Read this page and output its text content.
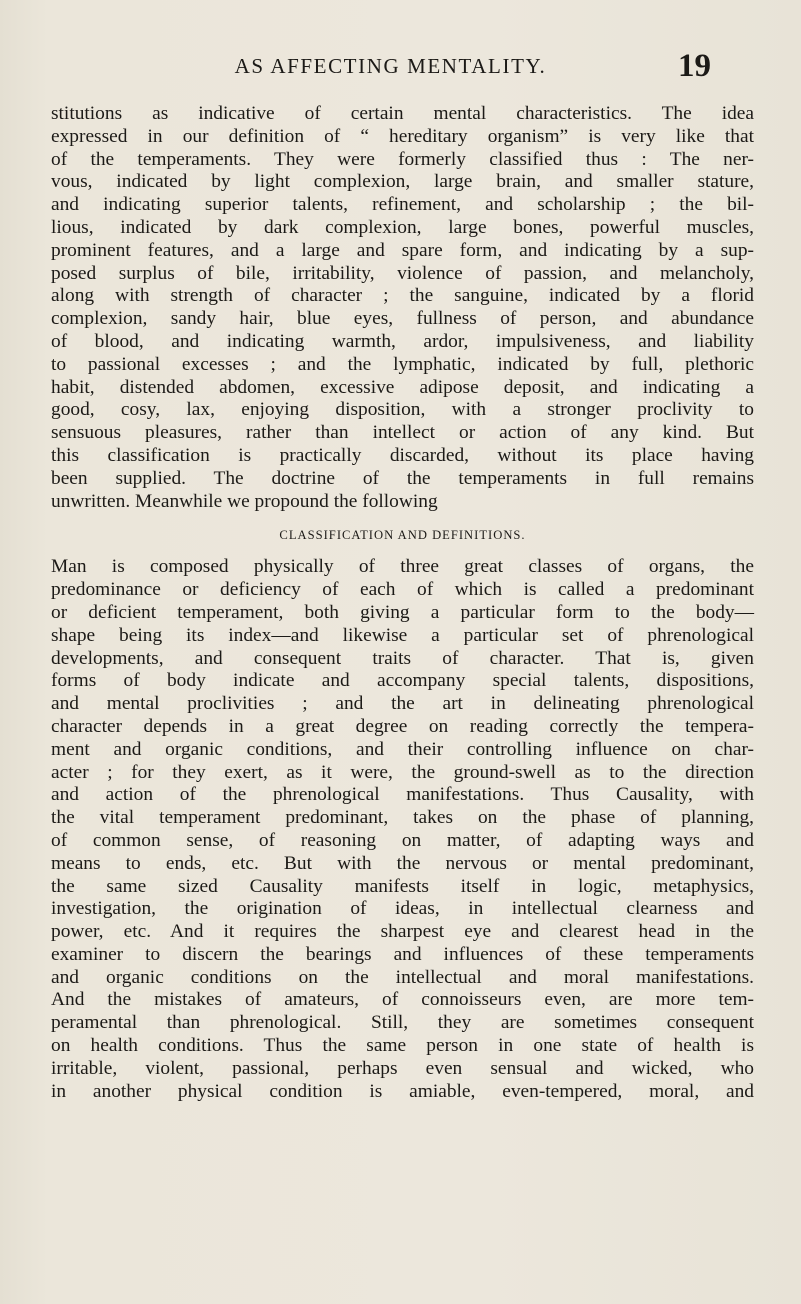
AS AFFECTING MENTALITY.	19
stitutions as indicative of certain mental characteristics. The idea
expressed in our definition of “ hereditary organism” is very like that
of the temperaments. They were formerly classified thus : The ner-
vous, indicated by light complexion, large brain, and smaller stature,
and indicating superior talents, refinement, and scholarship ; the bil-
lious, indicated by dark complexion, large bones, powerful muscles,
prominent features, and a large and spare form, and indicating by a sup-
posed surplus of bile, irritability, violence of passion, and melancholy,
along with strength of character ; the sanguine, indicated by a florid
complexion, sandy hair, blue eyes, fullness of person, and abundance
of blood, and indicating warmth, ardor, impulsiveness, and liability
to passional excesses ; and the lymphatic, indicated by full, plethoric
habit, distended abdomen, excessive adipose deposit, and indicating a
good, cosy, lax, enjoying disposition, with a stronger proclivity to
sensuous pleasures, rather than intellect or action of any kind. But
this classification is practically discarded, without its place having
been supplied. The doctrine of the temperaments in full remains
unwritten. Meanwhile we propound the following
CLASSIFICATION AND DEFINITIONS.
Man is composed physically of three great classes of organs, the
predominance or deficiency of each of which is called a predominant
or deficient temperament, both giving a particular form to the body—
shape being its index—and likewise a particular set of phrenological
developments, and consequent traits of character. That is, given
forms of body indicate and accompany special talents, dispositions,
and mental proclivities ; and the art in delineating phrenological
character depends in a great degree on reading correctly the tempera-
ment and organic conditions, and their controlling influence on char-
acter ; for they exert, as it were, the ground-swell as to the direction
and action of the phrenological manifestations. Thus Causality, with
the vital temperament predominant, takes on the phase of planning,
of common sense, of reasoning on matter, of adapting ways and
means to ends, etc. But with the nervous or mental predominant,
the same sized Causality manifests itself in logic, metaphysics,
investigation, the origination of ideas, in intellectual clearness and
power, etc. And it requires the sharpest eye and clearest head in the
examiner to discern the bearings and influences of these temperaments
and organic conditions on the intellectual and moral manifestations.
And the mistakes of amateurs, of connoisseurs even, are more tem-
peramental than phrenological. Still, they are sometimes consequent
on health conditions. Thus the same person in one state of health is
irritable, violent, passional, perhaps even sensual and wicked, who
in another physical condition is amiable, even-tempered, moral, and
